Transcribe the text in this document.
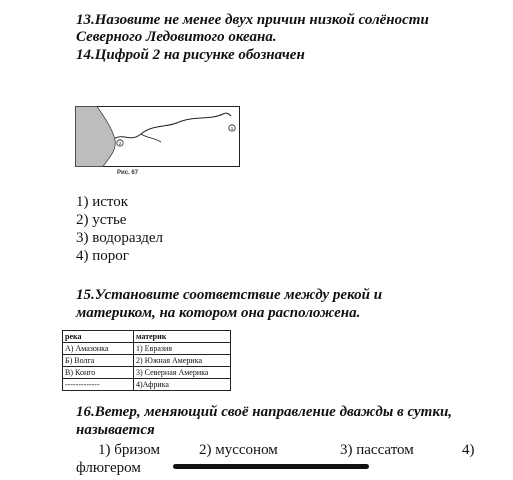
13.Назовите не менее двух причин низкой солёности
Северного Ледовитого океана.
14.Цифрой 2 на рисунке обозначен
2
1
Рис. 67
1) исток
2) устье
3) водораздел
4) порог
15.Установите соответствие между рекой и
материком, на котором она расположена.
река	материк
А) Амазонка	1) Евразия
Б) Волга	2) Южная Америка
В) Конго	3) Северная Америка
-------------	4)Африка
16.Ветер, меняющий своё направление дважды в сутки,
называется
1) бризом	2) муссоном	3) пассатом	4)
флюгером
